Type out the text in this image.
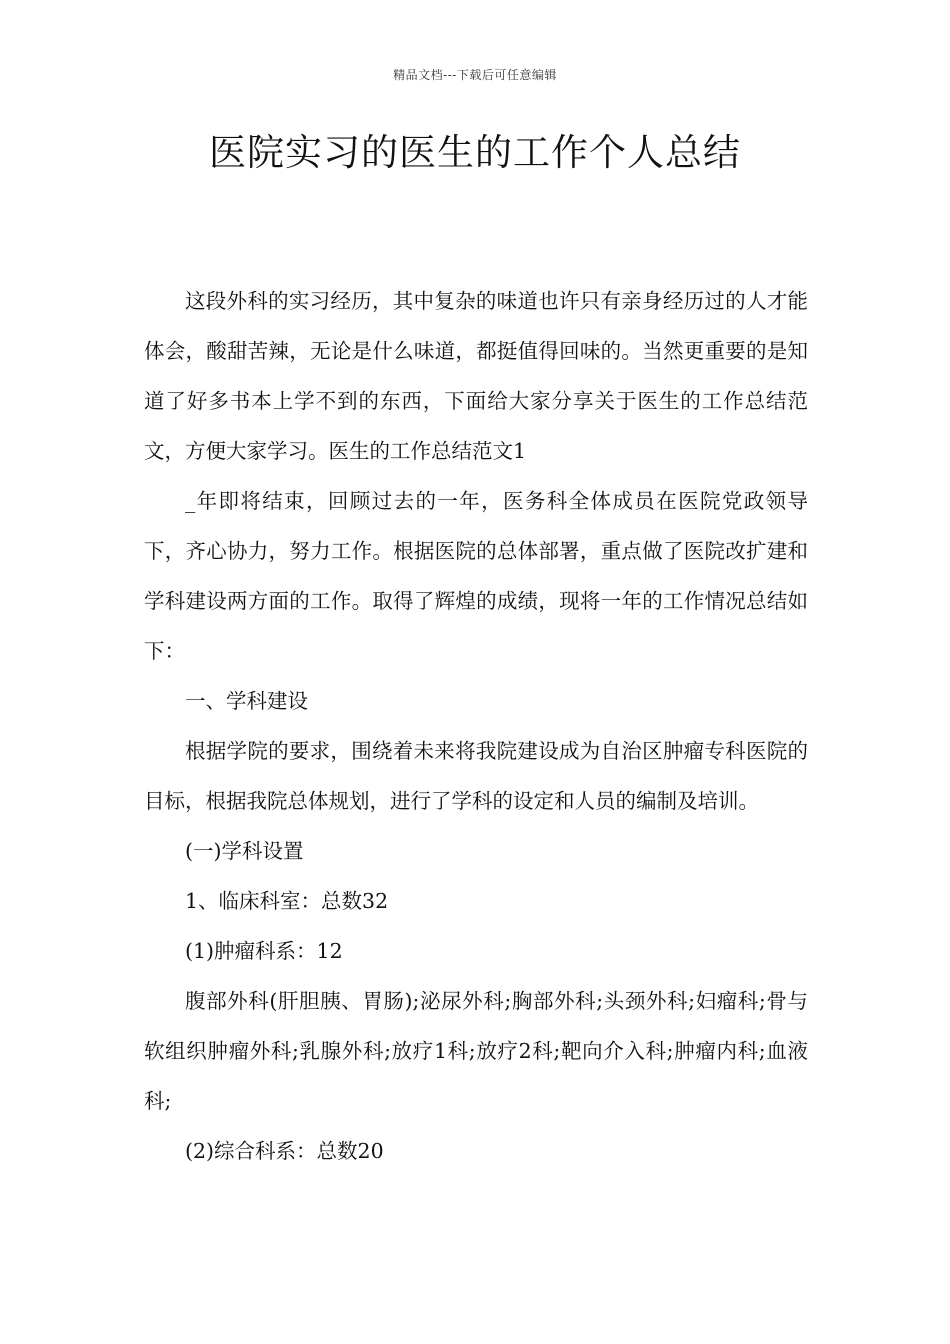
精品文档---下载后可任意编辑
医院实习的医生的工作个人总结

这段外科的实习经历，其中复杂的味道也许只有亲身经历过的人才能体会，酸甜苦辣，无论是什么味道，都挺值得回味的。当然更重要的是知道了好多书本上学不到的东西，下面给大家分享关于医生的工作总结范文，方便大家学习。医生的工作总结范文1

_年即将结束，回顾过去的一年，医务科全体成员在医院党政领导下，齐心协力，努力工作。根据医院的总体部署，重点做了医院改扩建和学科建设两方面的工作。取得了辉煌的成绩，现将一年的工作情况总结如下：

一、学科建设

根据学院的要求，围绕着未来将我院建设成为自治区肿瘤专科医院的目标，根据我院总体规划，进行了学科的设定和人员的编制及培训。

(一)学科设置

1、临床科室：总数32

(1)肿瘤科系：12

腹部外科(肝胆胰、胃肠);泌尿外科;胸部外科;头颈外科;妇瘤科;骨与软组织肿瘤外科;乳腺外科;放疗1科;放疗2科;靶向介入科;肿瘤内科;血液科;

(2)综合科系：总数20
